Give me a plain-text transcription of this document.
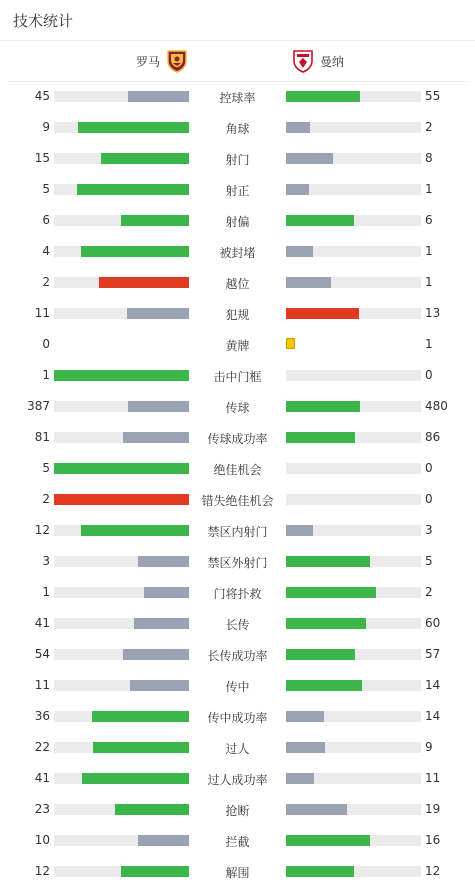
技术统计
罗马	曼纳
45	控球率	55
9	角球	2
15	射门	8
5	射正	1
6	射偏	6
4	被封堵	1
2	越位	1
11	犯规	13
0	黄牌	1
1	击中门框	0
387	传球	480
81	传球成功率	86
5	绝佳机会	0
2	错失绝佳机会	0
12	禁区内射门	3
3	禁区外射门	5
1	门将扑救	2
41	长传	60
54	长传成功率	57
11	传中	14
36	传中成功率	14
22	过人	9
41	过人成功率	11
23	抢断	19
10	拦截	16
12	解围	12
